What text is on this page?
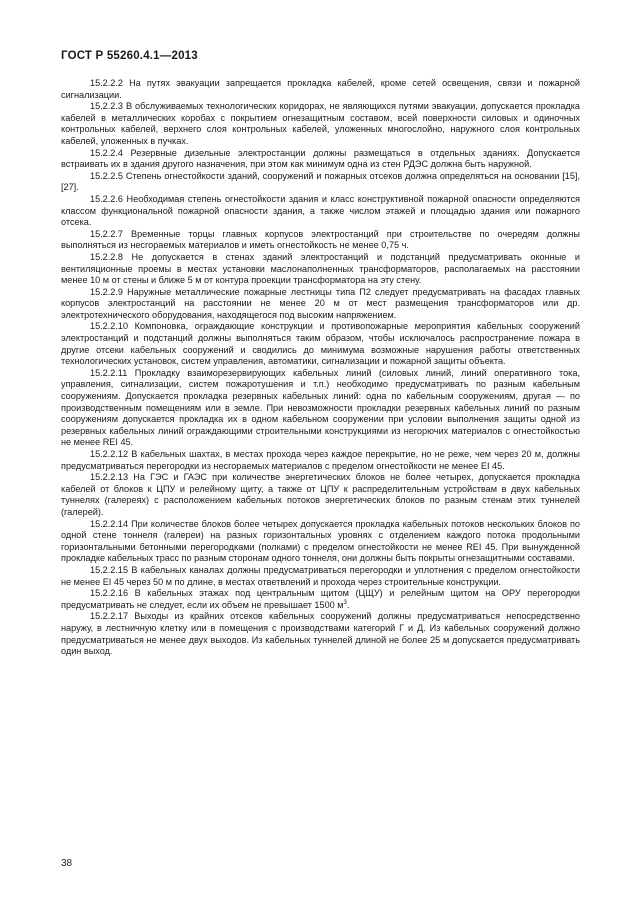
ГОСТ Р 55260.4.1—2013

15.2.2.2 На путях эвакуации запрещается прокладка кабелей, кроме сетей освещения, связи и пожарной сигнализации.

15.2.2.3 В обслуживаемых технологических коридорах, не являющихся путями эвакуации, допускается прокладка кабелей в металлических коробах с покрытием огнезащитным составом, всей поверхности силовых и одиночных контрольных кабелей, верхнего слоя контрольных кабелей, уложенных многослойно, наружного слоя контрольных кабелей, уложенных в пучках.

15.2.2.4 Резервные дизельные электростанции должны размещаться в отдельных зданиях. Допускается встраивать их в здания другого назначения, при этом как минимум одна из стен РДЭС должна быть наружной.

15.2.2.5 Степень огнестойкости зданий, сооружений и пожарных отсеков должна определяться на основании [15], [27].

15.2.2.6 Необходимая степень огнестойкости здания и класс конструктивной пожарной опасности определяются классом функциональной пожарной опасности здания, а также числом этажей и площадью здания или пожарного отсека.

15.2.2.7 Временные торцы главных корпусов электростанций при строительстве по очередям должны выполняться из несгораемых материалов и иметь огнестойкость не менее 0,75 ч.

15.2.2.8 Не допускается в стенах зданий электростанций и подстанций предусматривать оконные и вентиляционные проемы в местах установки маслонаполненных трансформаторов, располагаемых на расстоянии менее 10 м от стены и ближе 5 м от контура проекции трансформатора на эту стену.

15.2.2.9 Наружные металлические пожарные лестницы типа П2 следует предусматривать на фасадах главных корпусов электростанций на расстоянии не менее 20 м от мест размещения трансформаторов или др. электротехнического оборудования, находящегося под высоким напряжением.

15.2.2.10 Компоновка, ограждающие конструкции и противопожарные мероприятия кабельных сооружений электростанций и подстанций должны выполняться таким образом, чтобы исключалось распространение пожара в другие отсеки кабельных сооружений и сводились до минимума возможные нарушения работы ответственных технологических установок, систем управления, автоматики, сигнализации и пожарной защиты объекта.

15.2.2.11 Прокладку взаиморезервирующих кабельных линий (силовых линий, линий оперативного тока, управления, сигнализации, систем пожаротушения и т.п.) необходимо предусматривать по разным кабельным сооружениям. Допускается прокладка резервных кабельных линий: одна по кабельным сооружениям, другая — по производственным помещениям или в земле. При невозможности прокладки резервных кабельных линий по разным сооружениям допускается прокладка их в одном кабельном сооружении при условии выполнения защиты одной из резервных кабельных линий ограждающими строительными конструкциями из негорючих материалов с огнестойкостью не менее REI 45.

15.2.2.12 В кабельных шахтах, в местах прохода через каждое перекрытие, но не реже, чем через 20 м, должны предусматриваться перегородки из несгораемых материалов с пределом огнестойкости не менее EI 45.

15.2.2.13 На ГЭС и ГАЭС при количестве энергетических блоков не более четырех, допускается прокладка кабелей от блоков к ЦПУ и релейному щиту, а также от ЦПУ к распределительным устройствам в двух кабельных туннелях (галереях) с расположением кабельных потоков энергетических блоков по разным стенам этих туннелей (галерей).

15.2.2.14 При количестве блоков более четырех допускается прокладка кабельных потоков нескольких блоков по одной стене тоннеля (галереи) на разных горизонтальных уровнях с отделением каждого потока продольными горизонтальными бетонными перегородками (полками) с пределом огнестойкости не менее REI 45. При вынужденной прокладке кабельных трасс по разным сторонам одного тоннеля, они должны быть покрыты огнезащитными составами.

15.2.2.15 В кабельных каналах должны предусматриваться перегородки и уплотнения с пределом огнестойкости не менее EI 45 через 50 м по длине, в местах ответвлений и прохода через строительные конструкции.

15.2.2.16 В кабельных этажах под центральным щитом (ЦЩУ) и релейным щитом на ОРУ перегородки предусматривать не следует, если их объем не превышает 1500 $м^3$.

15.2.2.17 Выходы из крайних отсеков кабельных сооружений должны предусматриваться непосредственно наружу, в лестничную клетку или в помещения с производствами категорий Г и Д. Из кабельных сооружений должно предусматриваться не менее двух выходов. Из кабельных туннелей длиной не более 25 м допускается предусматривать один выход.

38
